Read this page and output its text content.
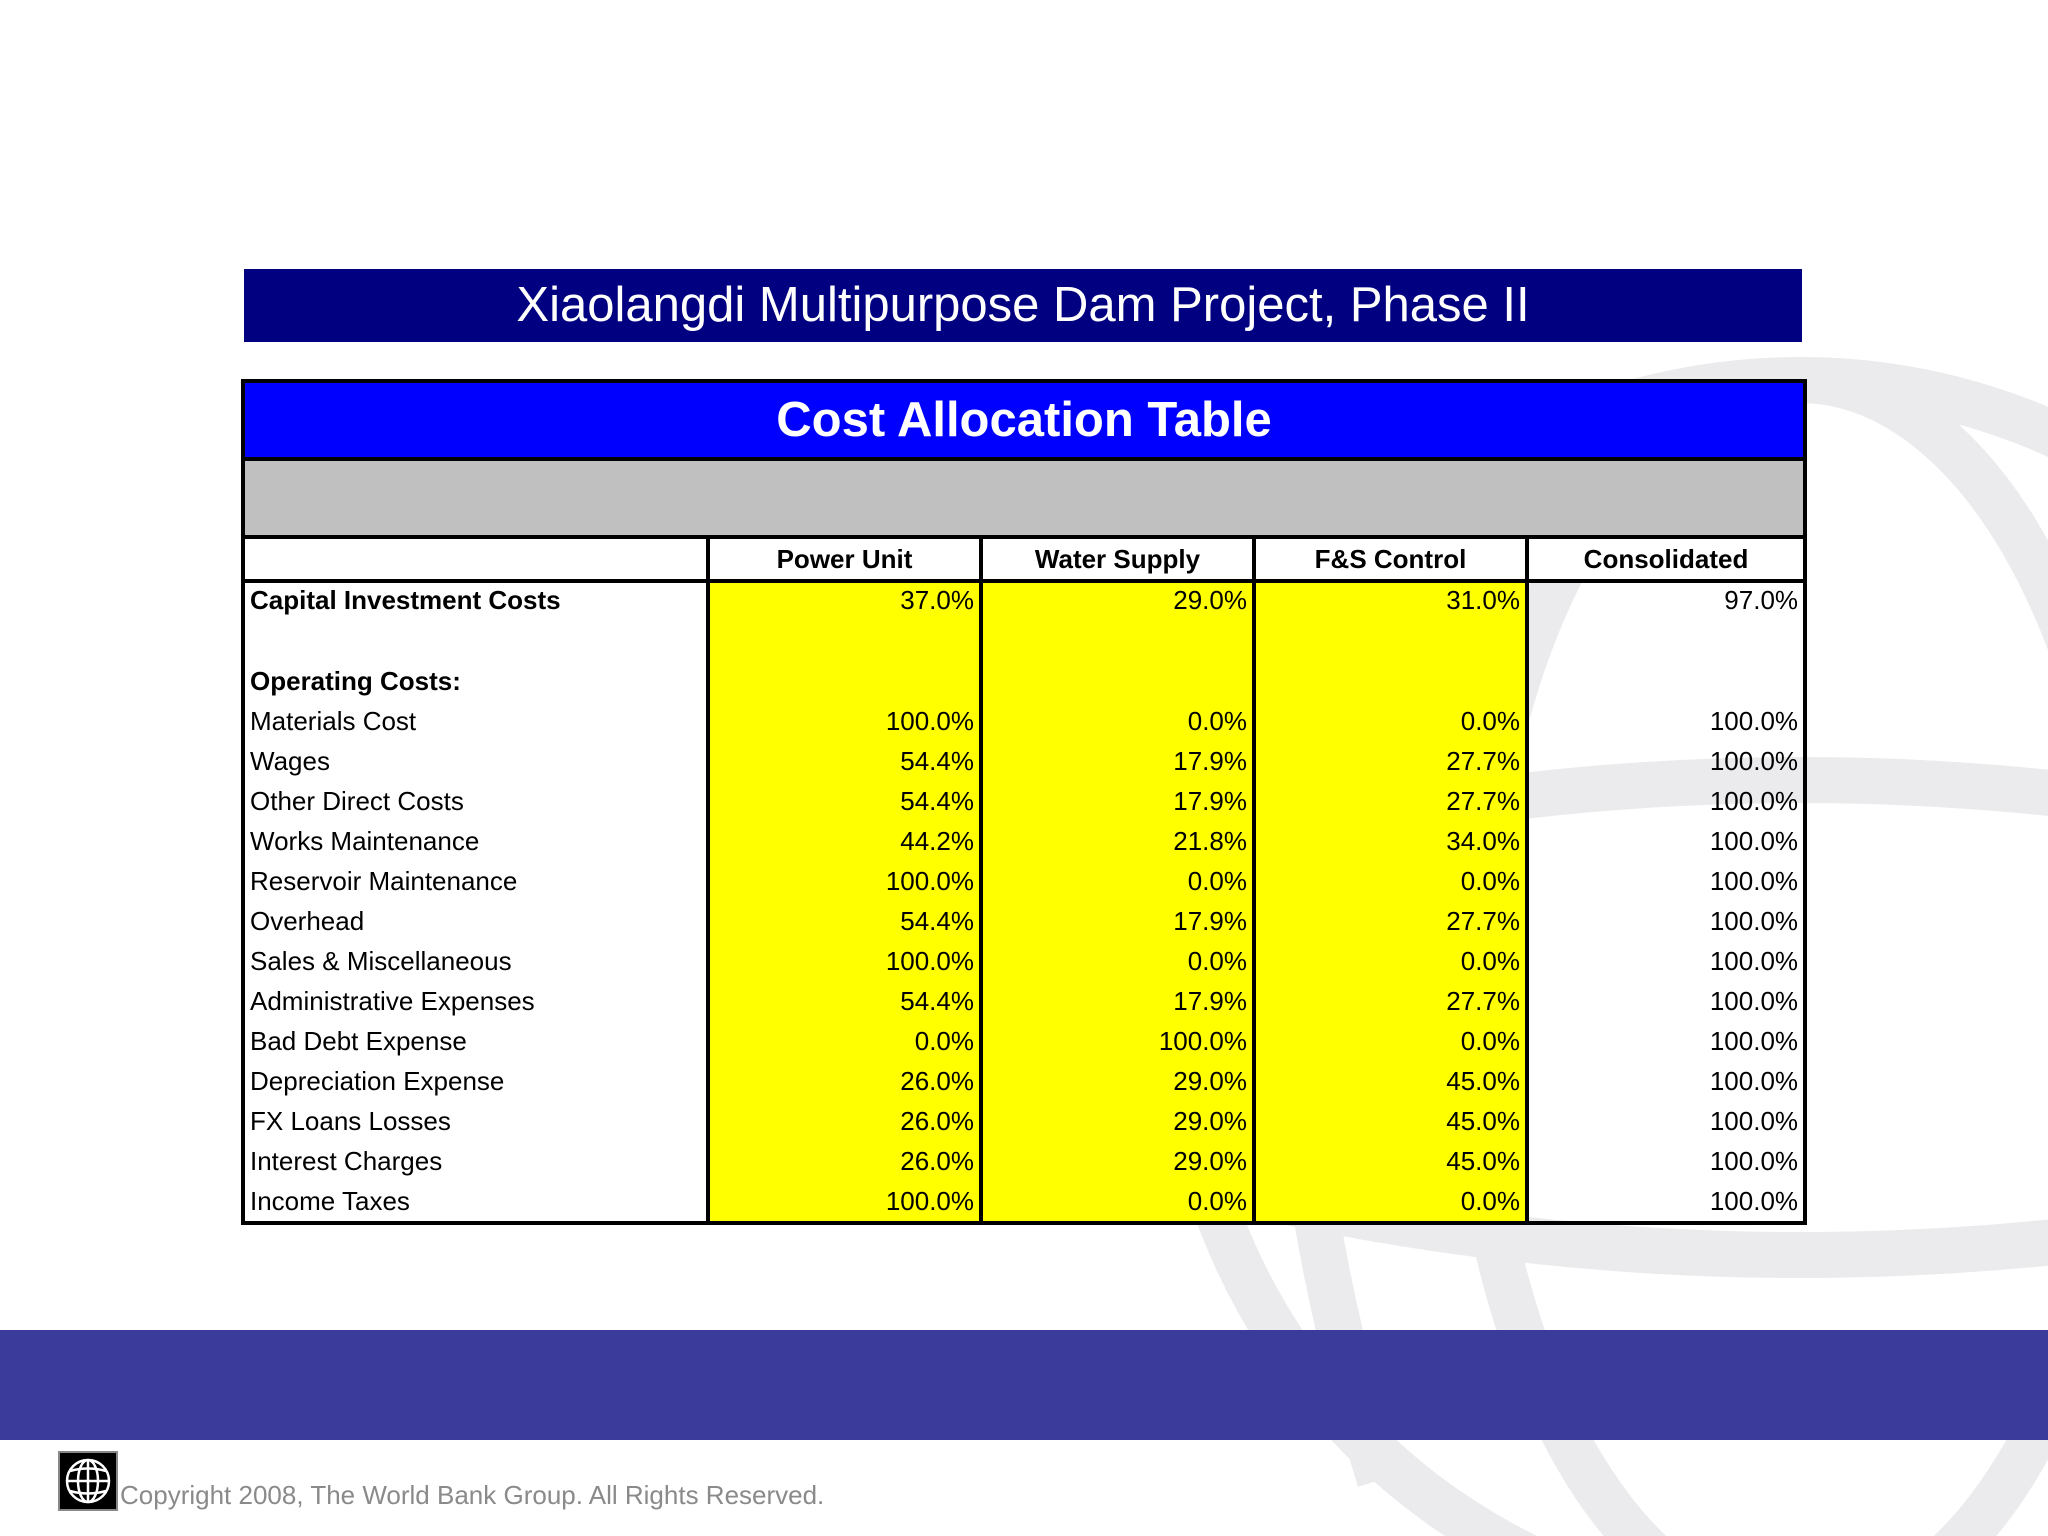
Xiaolangdi Multipurpose Dam Project, Phase II
Cost Allocation Table				

	Power Unit	Water Supply	F&S Control	Consolidated
Capital Investment Costs	37.0%	29.0%	31.0%	97.0%
Operating Costs:				
Materials Cost	100.0%	0.0%	0.0%	100.0%
Wages	54.4%	17.9%	27.7%	100.0%
Other Direct Costs	54.4%	17.9%	27.7%	100.0%
Works Maintenance	44.2%	21.8%	34.0%	100.0%
Reservoir Maintenance	100.0%	0.0%	0.0%	100.0%
Overhead	54.4%	17.9%	27.7%	100.0%
Sales & Miscellaneous	100.0%	0.0%	0.0%	100.0%
Administrative Expenses	54.4%	17.9%	27.7%	100.0%
Bad Debt Expense	0.0%	100.0%	0.0%	100.0%
Depreciation Expense	26.0%	29.0%	45.0%	100.0%
FX Loans Losses	26.0%	29.0%	45.0%	100.0%
Interest Charges	26.0%	29.0%	45.0%	100.0%
Income Taxes	100.0%	0.0%	0.0%	100.0%
Copyright 2008, The World Bank Group. All Rights Reserved.
